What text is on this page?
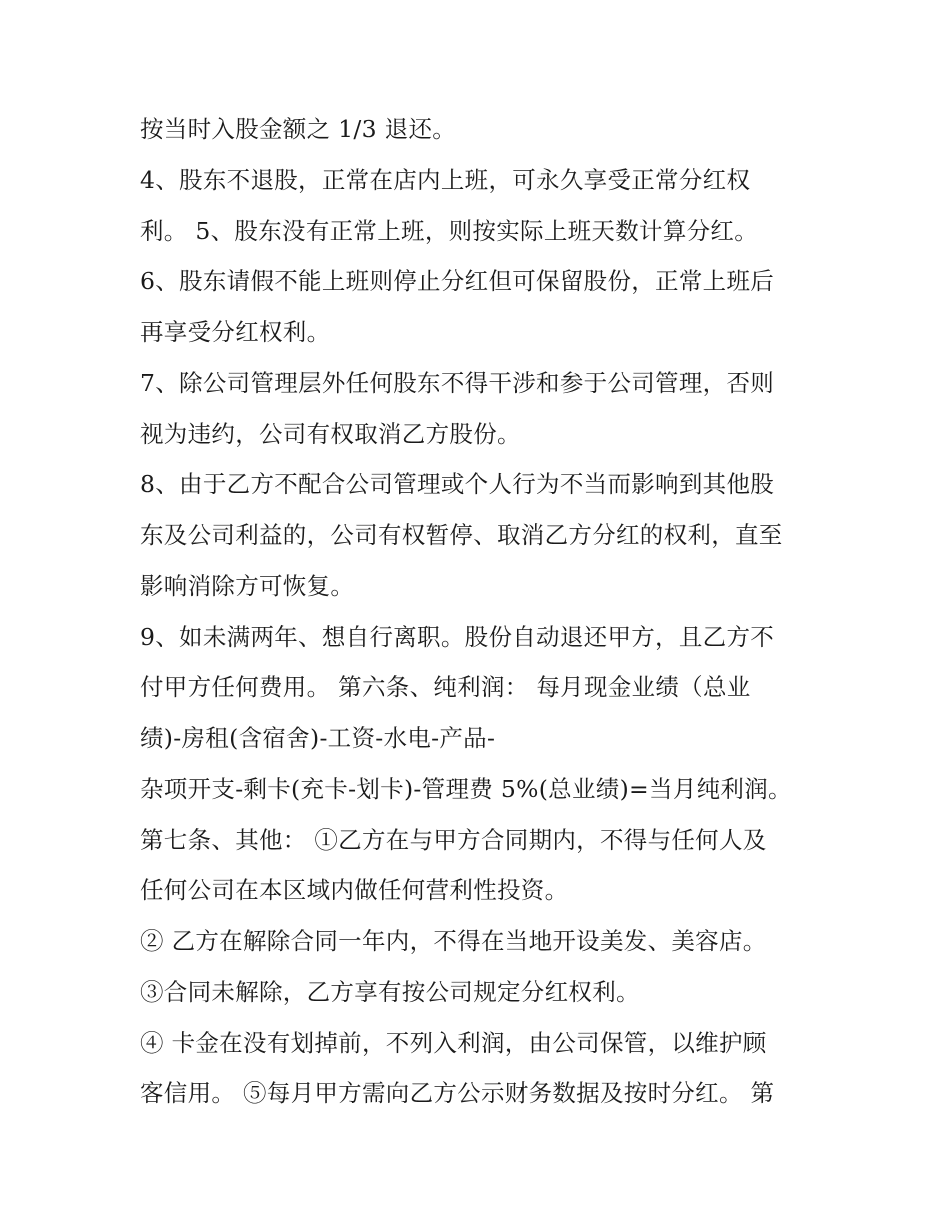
按当时入股金额之 1/3 退还。
4、股东不退股，正常在店内上班，可永久享受正常分红权
利。 5、股东没有正常上班，则按实际上班天数计算分红。
6、股东请假不能上班则停止分红但可保留股份，正常上班后
再享受分红权利。
7、除公司管理层外任何股东不得干涉和参于公司管理，否则
视为违约，公司有权取消乙方股份。
8、由于乙方不配合公司管理或个人行为不当而影响到其他股
东及公司利益的，公司有权暂停、取消乙方分红的权利，直至
影响消除方可恢复。
9、如未满两年、想自行离职。股份自动退还甲方，且乙方不
付甲方任何费用。 第六条、纯利润： 每月现金业绩（总业
绩)-房租(含宿舍)-工资-水电-产品-
杂项开支-剩卡(充卡-划卡)-管理费 5%(总业绩)=当月纯利润。
第七条、其他： ①乙方在与甲方合同期内，不得与任何人及
任何公司在本区域内做任何营利性投资。
② 乙方在解除合同一年内，不得在当地开设美发、美容店。
③合同未解除，乙方享有按公司规定分红权利。
④ 卡金在没有划掉前，不列入利润，由公司保管，以维护顾
客信用。 ⑤每月甲方需向乙方公示财务数据及按时分红。 第
